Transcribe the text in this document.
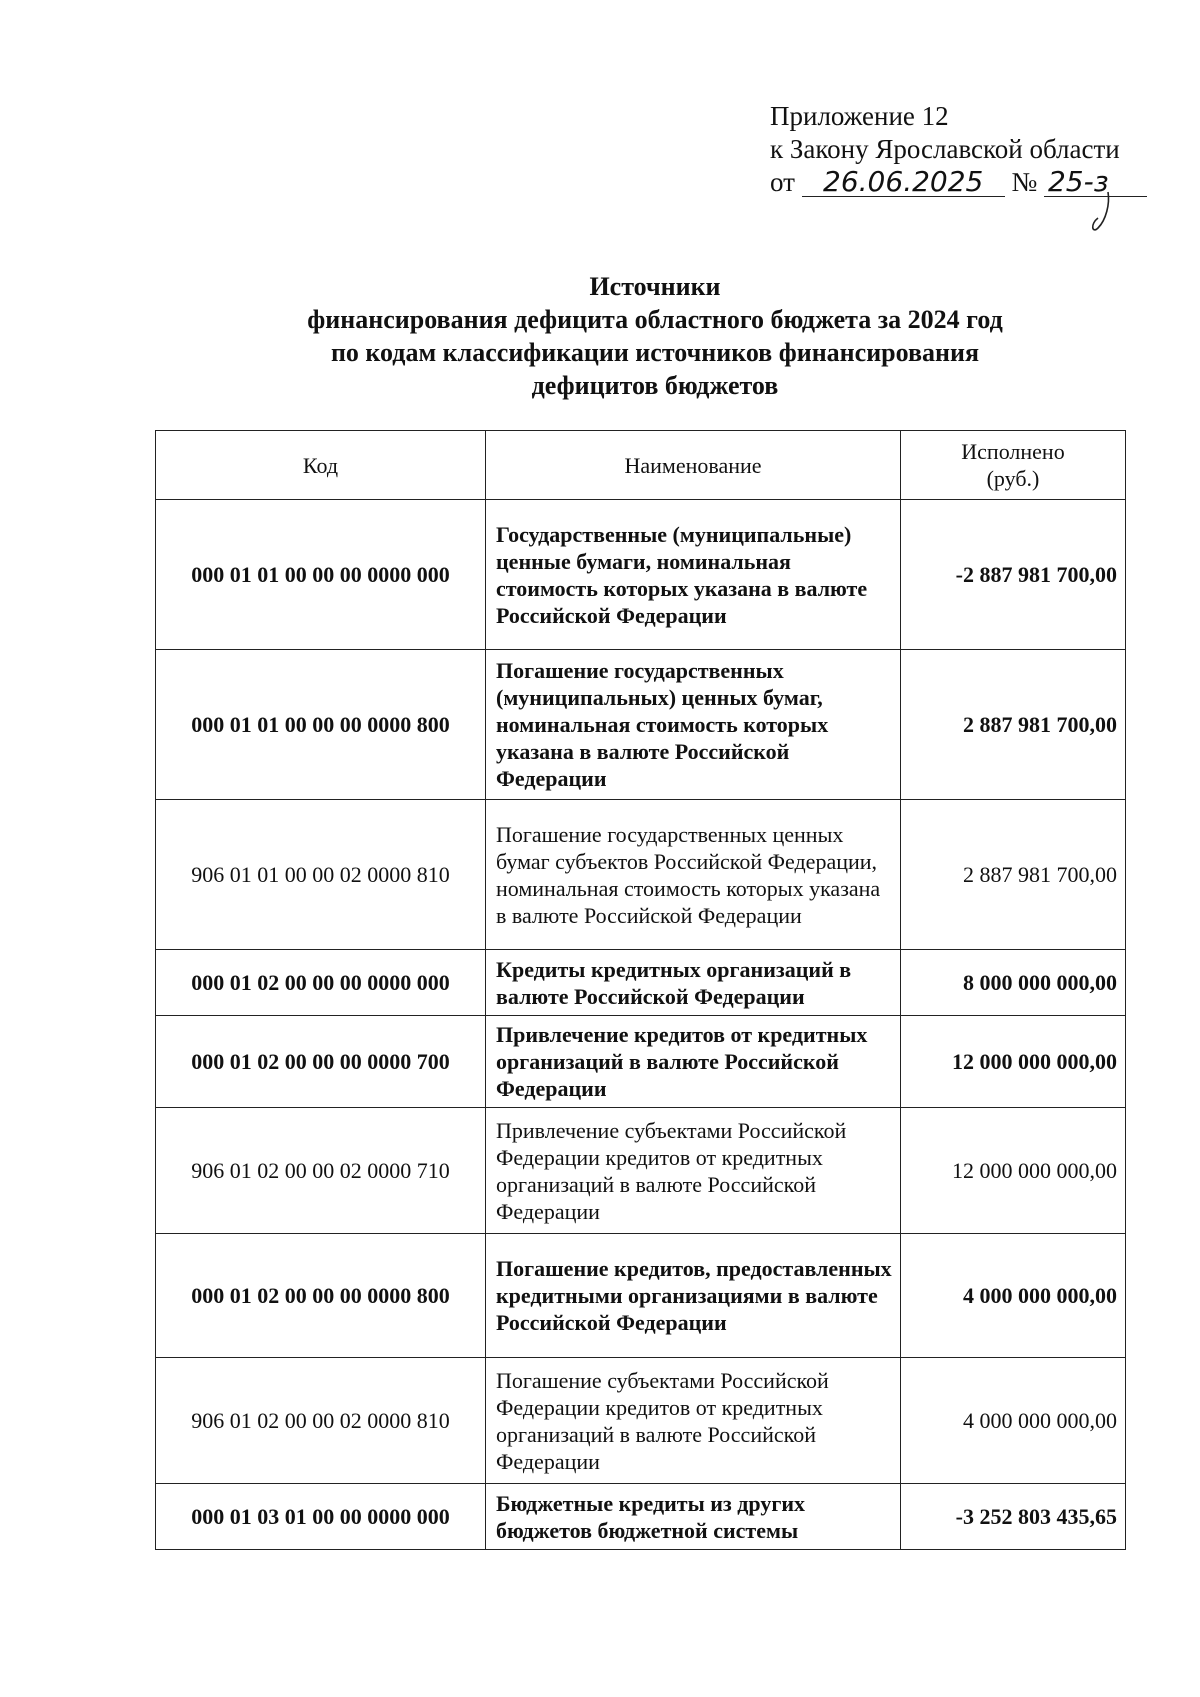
Приложение 12
к Закону Ярославской области
от 26.06.2025 № 25-з
Источники
финансирования дефицита областного бюджета за 2024 год
по кодам классификации источников финансирования
дефицитов бюджетов
Код	Наименование	Исполнено (руб.)
000 01 01 00 00 00 0000 000	Государственные (муниципальные) ценные бумаги, номинальная стоимость которых указана в валюте Российской Федерации	-2 887 981 700,00
000 01 01 00 00 00 0000 800	Погашение государственных (муниципальных) ценных бумаг, номинальная стоимость которых указана в валюте Российской Федерации	2 887 981 700,00
906 01 01 00 00 02 0000 810	Погашение государственных ценных бумаг субъектов Российской Федерации, номинальная стоимость которых указана в валюте Российской Федерации	2 887 981 700,00
000 01 02 00 00 00 0000 000	Кредиты кредитных организаций в валюте Российской Федерации	8 000 000 000,00
000 01 02 00 00 00 0000 700	Привлечение кредитов от кредитных организаций в валюте Российской Федерации	12 000 000 000,00
906 01 02 00 00 02 0000 710	Привлечение субъектами Российской Федерации кредитов от кредитных организаций в валюте Российской Федерации	12 000 000 000,00
000 01 02 00 00 00 0000 800	Погашение кредитов, предоставленных кредитными организациями в валюте Российской Федерации	4 000 000 000,00
906 01 02 00 00 02 0000 810	Погашение субъектами Российской Федерации кредитов от кредитных организаций в валюте Российской Федерации	4 000 000 000,00
000 01 03 01 00 00 0000 000	Бюджетные кредиты из других бюджетов бюджетной системы	-3 252 803 435,65
